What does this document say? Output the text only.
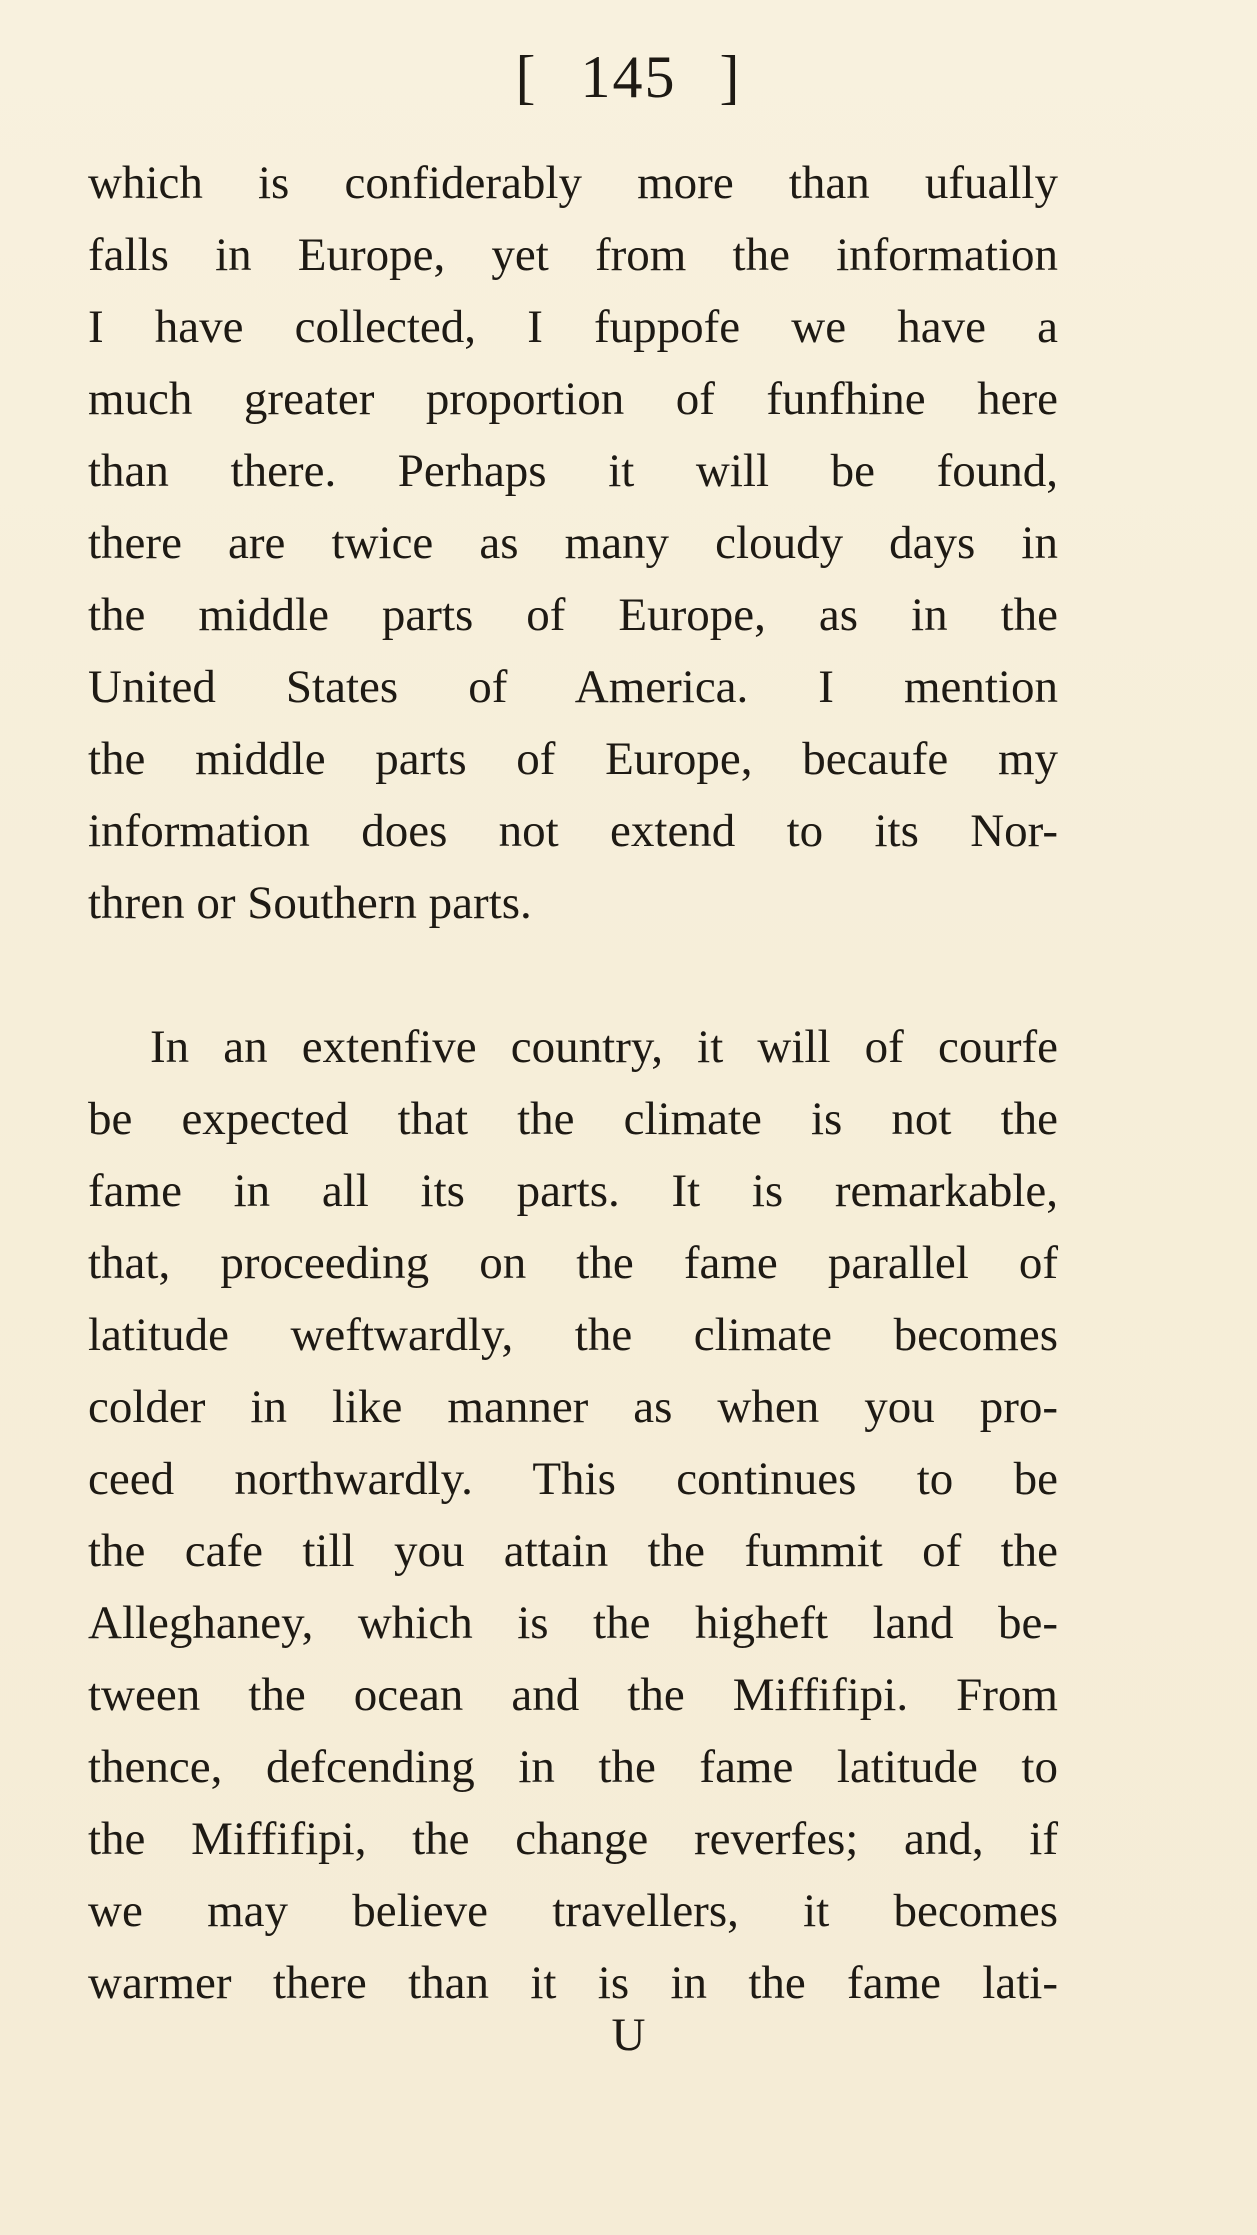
[ 145 ]
which is confiderably more than ufually
falls in Europe, yet from the information
I have collected, I fuppofe we have a
much greater proportion of funfhine here
than there. Perhaps it will be found,
there are twice as many cloudy days in
the middle parts of Europe, as in the
United States of America. I mention
the middle parts of Europe, becaufe my
information does not extend to its Nor-
thren or Southern parts.
In an extenfive country, it will of courfe
be expected that the climate is not the
fame in all its parts. It is remarkable,
that, proceeding on the fame parallel of
latitude weftwardly, the climate becomes
colder in like manner as when you pro-
ceed northwardly. This continues to be
the cafe till you attain the fummit of the
Alleghaney, which is the higheft land be-
tween the ocean and the Miffifipi. From
thence, defcending in the fame latitude to
the Miffifipi, the change reverfes; and, if
we may believe travellers, it becomes
warmer there than it is in the fame lati-
U
